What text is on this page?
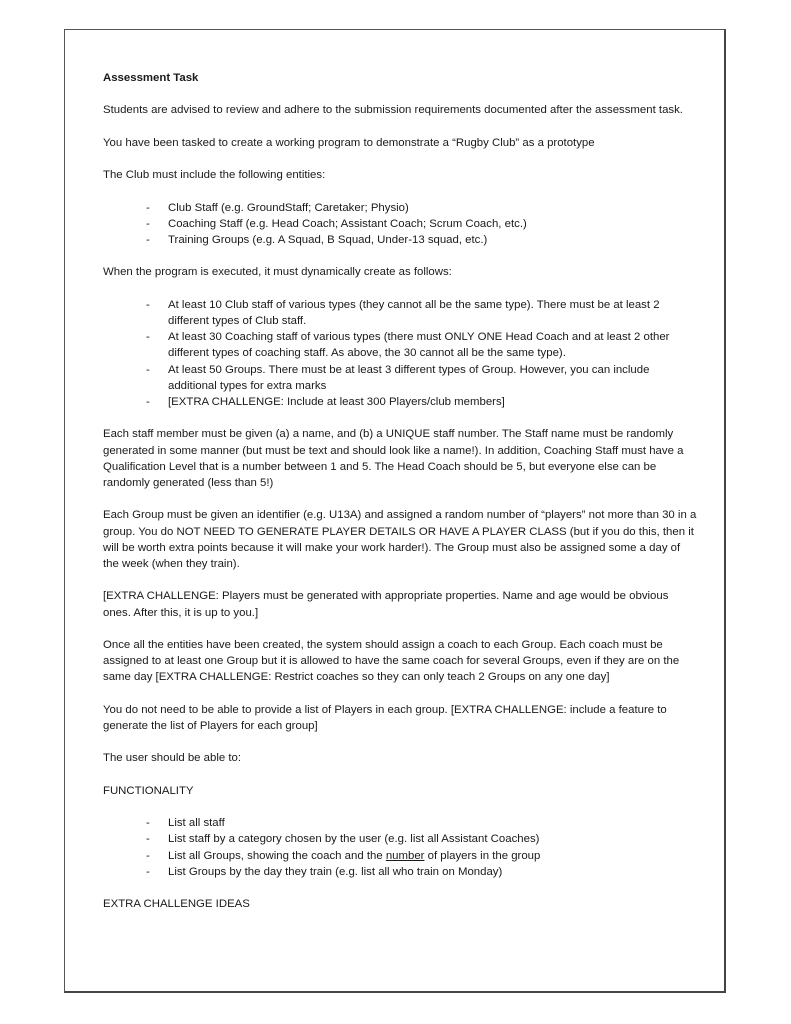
Assessment Task

Students are advised to review and adhere to the submission requirements documented after the assessment task.

You have been tasked to create a working program to demonstrate a “Rugby Club” as a prototype

The Club must include the following entities:

- Club Staff (e.g. GroundStaff; Caretaker; Physio)
- Coaching Staff (e.g. Head Coach; Assistant Coach; Scrum Coach, etc.)
- Training Groups (e.g. A Squad, B Squad, Under-13 squad, etc.)

When the program is executed, it must dynamically create as follows:

- At least 10 Club staff of various types (they cannot all be the same type). There must be at least 2 different types of Club staff.
- At least 30 Coaching staff of various types (there must ONLY ONE Head Coach and at least 2 other different types of coaching staff. As above, the 30 cannot all be the same type).
- At least 50 Groups. There must be at least 3 different types of Group. However, you can include additional types for extra marks
- [EXTRA CHALLENGE: Include at least 300 Players/club members]

Each staff member must be given (a) a name, and (b) a UNIQUE staff number. The Staff name must be randomly generated in some manner (but must be text and should look like a name!). In addition, Coaching Staff must have a Qualification Level that is a number between 1 and 5. The Head Coach should be 5, but everyone else can be randomly generated (less than 5!)

Each Group must be given an identifier (e.g. U13A) and assigned a random number of “players” not more than 30 in a group. You do NOT NEED TO GENERATE PLAYER DETAILS OR HAVE A PLAYER CLASS (but if you do this, then it will be worth extra points because it will make your work harder!). The Group must also be assigned some a day of the week (when they train).

[EXTRA CHALLENGE: Players must be generated with appropriate properties. Name and age would be obvious ones. After this, it is up to you.]

Once all the entities have been created, the system should assign a coach to each Group. Each coach must be assigned to at least one Group but it is allowed to have the same coach for several Groups, even if they are on the same day [EXTRA CHALLENGE: Restrict coaches so they can only teach 2 Groups on any one day]

You do not need to be able to provide a list of Players in each group. [EXTRA CHALLENGE: include a feature to generate the list of Players for each group]

The user should be able to:

FUNCTIONALITY

- List all staff
- List staff by a category chosen by the user (e.g. list all Assistant Coaches)
- List all Groups, showing the coach and the number of players in the group
- List Groups by the day they train (e.g. list all who train on Monday)

EXTRA CHALLENGE IDEAS
